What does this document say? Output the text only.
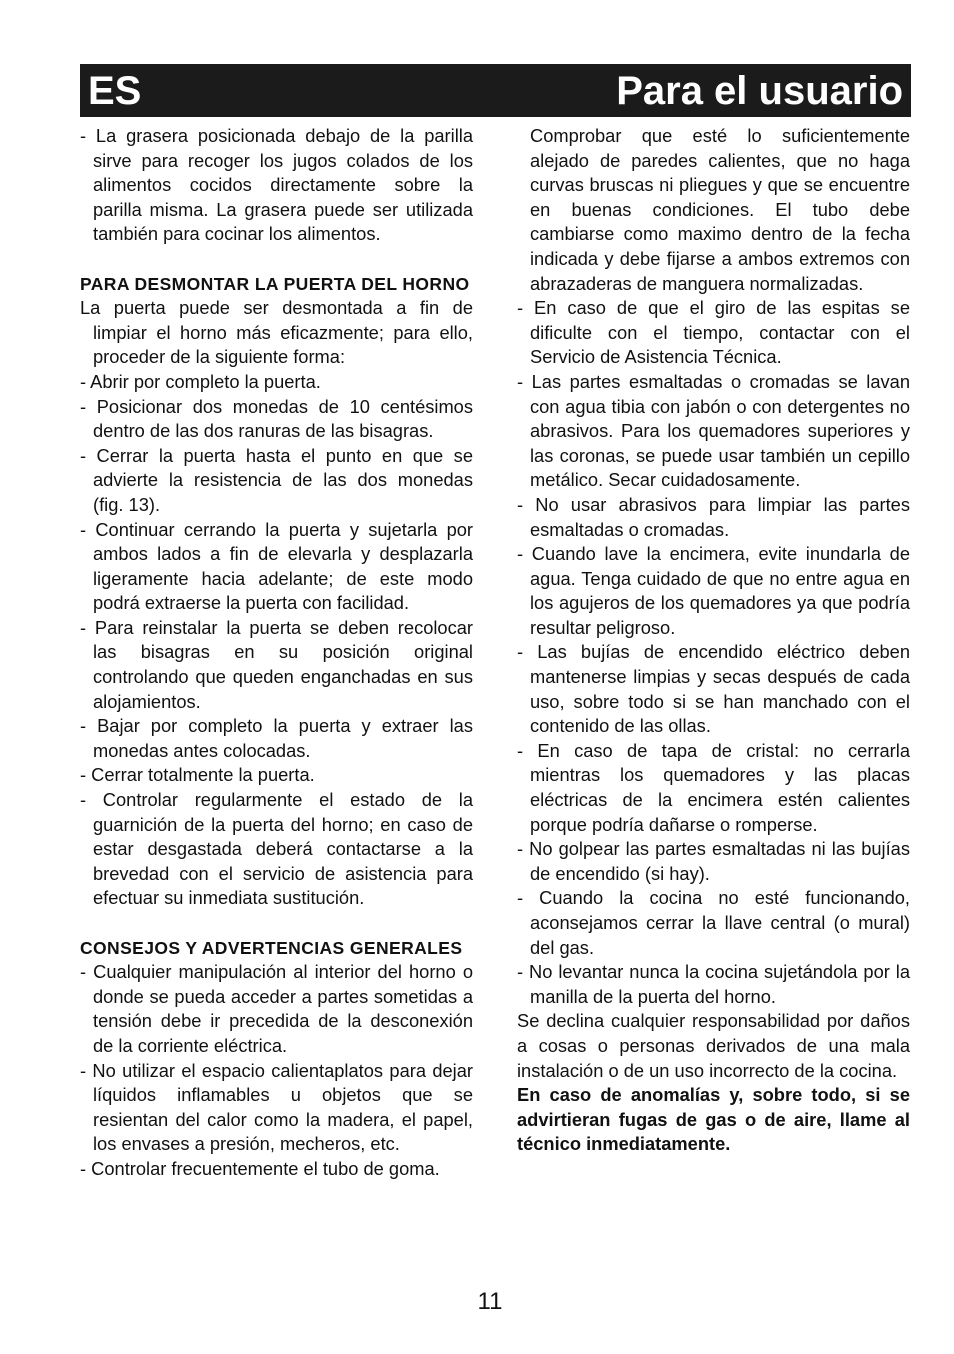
ES	Para el usuario

- La grasera posicionada debajo de la parilla sirve para recoger los jugos colados de los alimentos cocidos directamente sobre la parilla misma. La grasera puede ser utilizada también para cocinar los alimentos.

PARA DESMONTAR LA PUERTA DEL HORNO

La puerta puede ser desmontada a fin de limpiar el horno más eficazmente; para ello, proceder de la siguiente forma:

- Abrir por completo la puerta.

- Posicionar dos monedas de 10 centésimos dentro de las dos ranuras de las bisagras.

- Cerrar la puerta hasta el punto en que se advierte la resistencia de las dos monedas (fig. 13).

- Continuar cerrando la puerta y sujetarla por ambos lados a fin de elevarla y desplazarla ligeramente hacia adelante; de este modo podrá extraerse la puerta con facilidad.

- Para reinstalar la puerta se deben recolocar las bisagras en su posición original controlando que queden enganchadas en sus alojamientos.

- Bajar por completo la puerta y extraer las monedas antes colocadas.

- Cerrar totalmente la puerta.

- Controlar regularmente el estado de la guarnición de la puerta del horno; en caso de estar desgastada deberá contactarse a la brevedad con el servicio de asistencia para efectuar su inmediata sustitución.

CONSEJOS Y ADVERTENCIAS GENERALES

- Cualquier manipulación al interior del horno o donde se pueda acceder a partes sometidas a tensión debe ir precedida de la desconexión de la corriente eléctrica.

- No utilizar el espacio calientaplatos para dejar líquidos inflamables u objetos que se resientan del calor como la madera, el papel, los envases a presión, mecheros, etc.

- Controlar frecuentemente el tubo de goma.

Comprobar que esté lo suficientemente alejado de paredes calientes, que no haga curvas bruscas ni pliegues y que se encuentre en buenas condiciones. El tubo debe cambiarse como maximo dentro de la fecha indicada y debe fijarse a ambos extremos con abrazaderas de manguera normalizadas.

- En caso de que el giro de las espitas se dificulte con el tiempo, contactar con el Servicio de Asistencia Técnica.

- Las partes esmaltadas o cromadas se lavan con agua tibia con jabón o con detergentes no abrasivos. Para los quemadores superiores y las coronas, se puede usar también un cepillo metálico. Secar cuidadosamente.

- No usar abrasivos para limpiar las partes esmaltadas o cromadas.

- Cuando lave la encimera, evite inundarla de agua. Tenga cuidado de que no entre agua en los agujeros de los quemadores ya que podría resultar peligroso.

- Las bujías de encendido eléctrico deben mantenerse limpias y secas después de cada uso, sobre todo si se han manchado con el contenido de las ollas.

- En caso de tapa de cristal: no cerrarla mientras los quemadores y las placas eléctricas de la encimera estén calientes porque podría dañarse o romperse.

- No golpear las partes esmaltadas ni las bujías de encendido (si hay).

- Cuando la cocina no esté funcionando, aconsejamos cerrar la llave central (o mural) del gas.

- No levantar nunca la cocina sujetándola por la manilla de la puerta del horno.

Se declina cualquier responsabilidad por daños a cosas o personas derivados de una mala instalación o de un uso incorrecto de la cocina.

En caso de anomalías y, sobre todo, si se advirtieran fugas de gas o de aire, llame al técnico inmediatamente.

11
